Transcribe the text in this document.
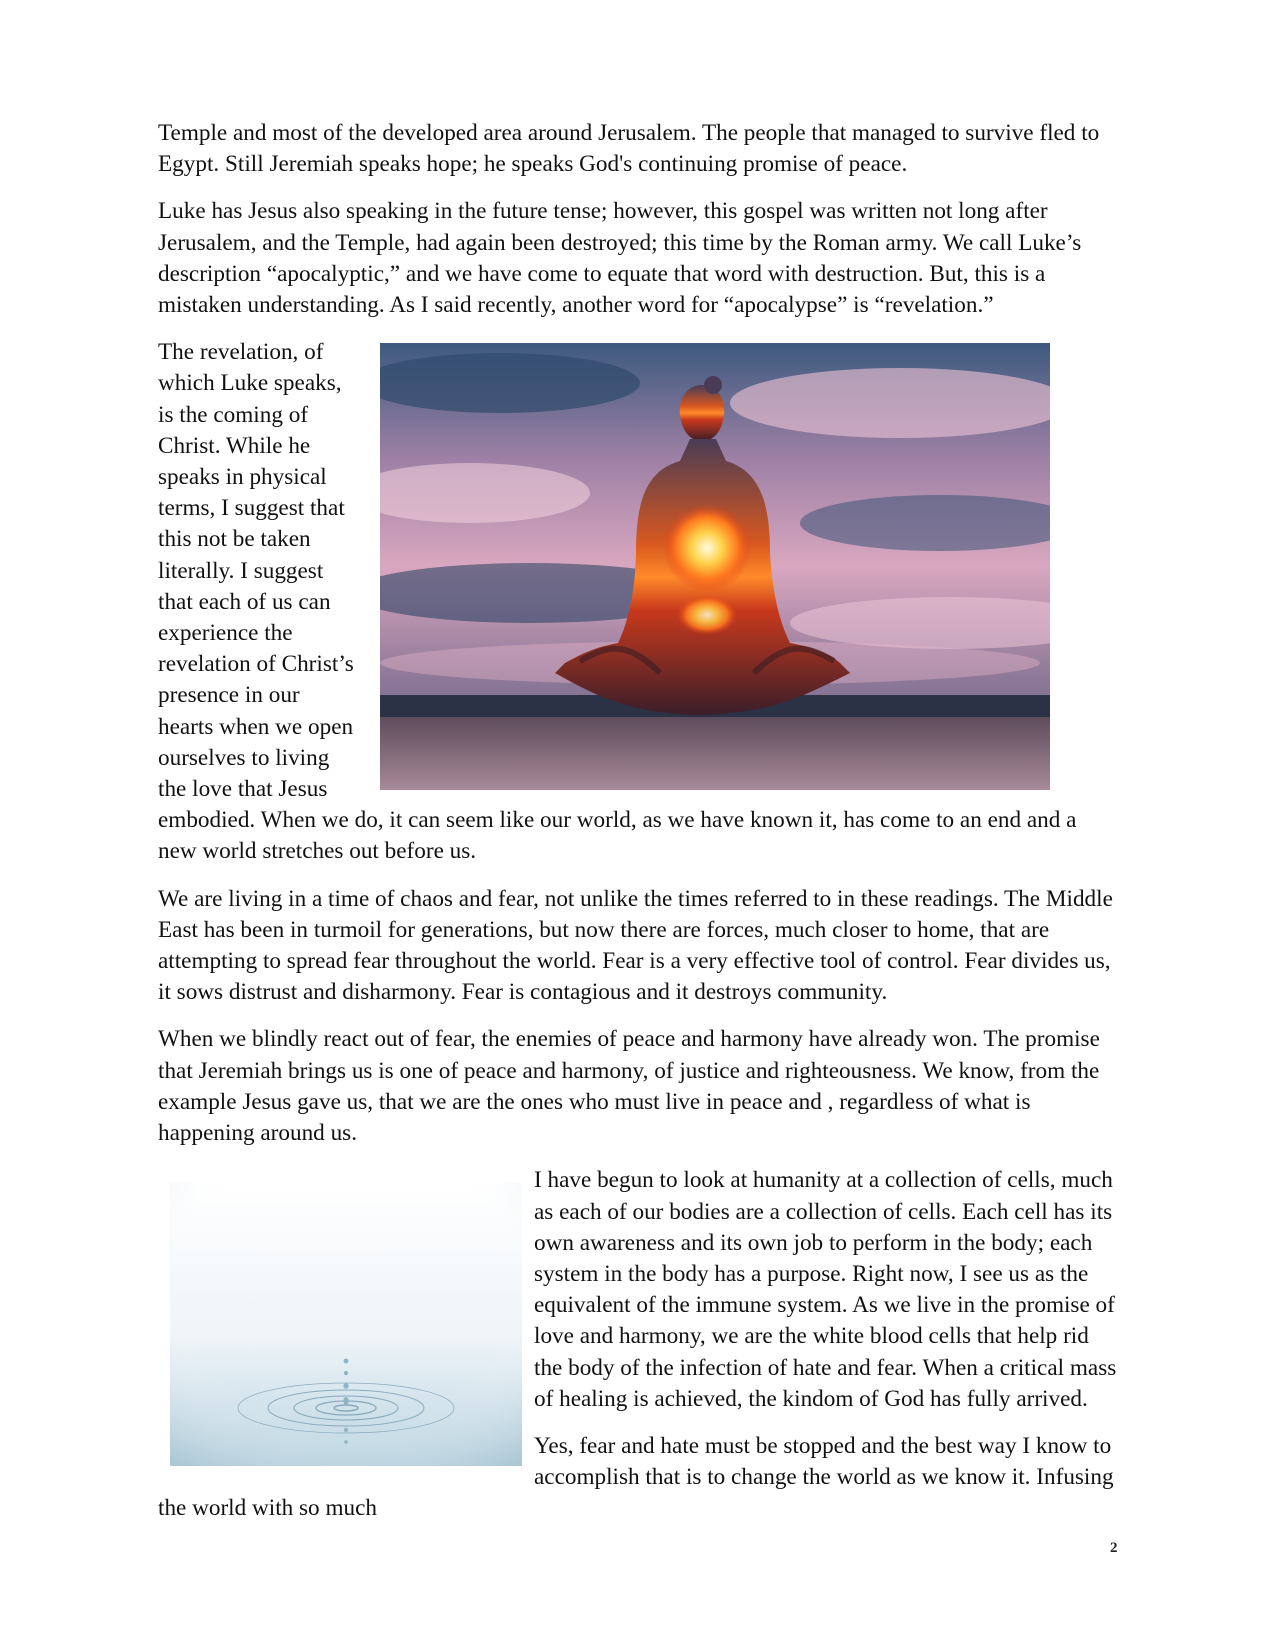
Temple and most of the developed area around Jerusalem. The people that managed to survive fled to Egypt. Still Jeremiah speaks hope; he speaks God's continuing promise of peace.

Luke has Jesus also speaking in the future tense; however, this gospel was written not long after Jerusalem, and the Temple, had again been destroyed; this time by the Roman army. We call Luke’s description “apocalyptic,” and we have come to equate that word with destruction. But, this is a mistaken understanding. As I said recently, another word for “apocalypse” is “revelation.”

The revelation, of which Luke speaks, is the coming of Christ. While he speaks in physical terms, I suggest that this not be taken literally. I suggest that each of us can experience the revelation of Christ’s presence in our hearts when we open ourselves to living the love that Jesus embodied. When we do, it can seem like our world, as we have known it, has come to an end and a new world stretches out before us.

We are living in a time of chaos and fear, not unlike the times referred to in these readings. The Middle East has been in turmoil for generations, but now there are forces, much closer to home, that are attempting to spread fear throughout the world. Fear is a very effective tool of control. Fear divides us, it sows distrust and disharmony. Fear is contagious and it destroys community.

When we blindly react out of fear, the enemies of peace and harmony have already won. The promise that Jeremiah brings us is one of peace and harmony, of justice and righteousness. We know, from the example Jesus gave us, that we are the ones who must live in peace and , regardless of what is happening around us.

I have begun to look at humanity at a collection of cells, much as each of our bodies are a collection of cells. Each cell has its own awareness and its own job to perform in the body; each system in the body has a purpose. Right now, I see us as the equivalent of the immune system. As we live in the promise of love and harmony, we are the white blood cells that help rid the body of the infection of hate and fear. When a critical mass of healing is achieved, the kindom of God has fully arrived.

Yes, fear and hate must be stopped and the best way I know to accomplish that is to change the world as we know it. Infusing the world with so much

2
